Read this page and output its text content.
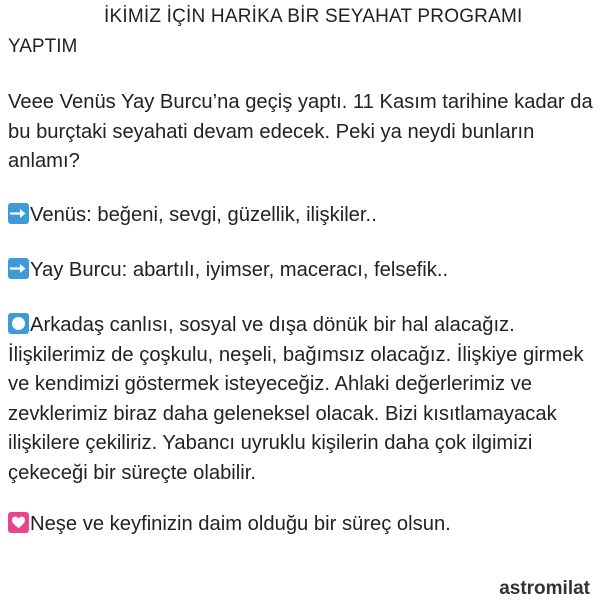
İKİMİZ İÇİN HARİKA BİR SEYAHAT PROGRAMI
YAPTIM
Veee Venüs Yay Burcu’na geçiş yaptı. 11 Kasım tarihine kadar da bu burçtaki seyahati devam edecek. Peki ya neydi bunların anlamı?
Venüs: beğeni, sevgi, güzellik, ilişkiler..
Yay Burcu: abartılı, iyimser, maceracı, felsefik..
Arkadaş canlısı, sosyal ve dışa dönük bir hal alacağız. İlişkilerimiz de çoşkulu, neşeli, bağımsız olacağız. İlişkiye girmek ve kendimizi göstermek isteyeceğiz. Ahlaki değerlerimiz ve zevklerimiz biraz daha geleneksel olacak. Bizi kısıtlamayacak ilişkilere çekiliriz. Yabancı uyruklu kişilerin daha çok ilgimizi çekeceği bir süreçte olabilir.
Neşe ve keyfinizin daim olduğu bir süreç olsun.
astromilat
